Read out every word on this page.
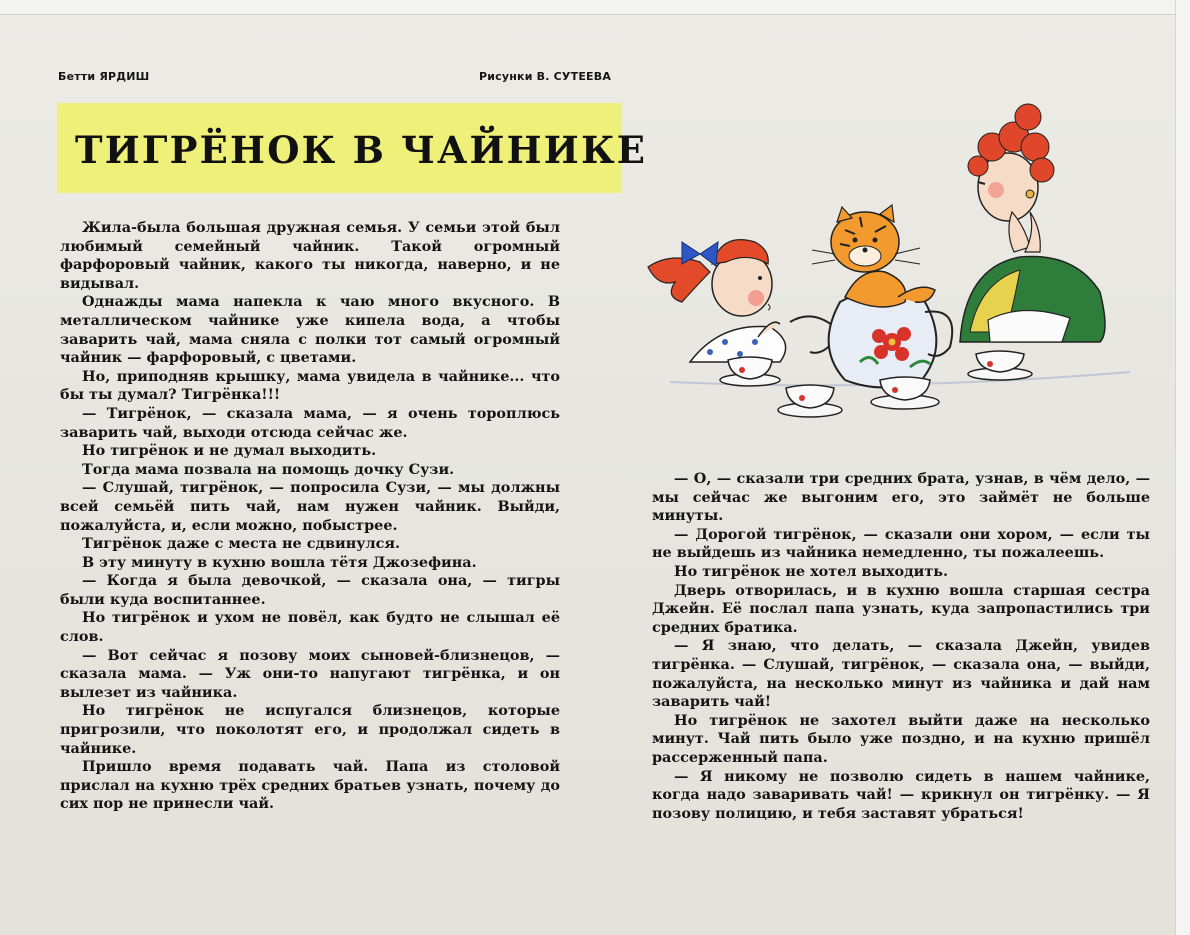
Бетти ЯРДИШ	Рисунки В. СУТЕЕВА
ТИГРЁНОК В ЧАЙНИКЕ

Жила-была большая дружная семья. У семьи этой был любимый семейный чайник. Такой огромный фарфоровый чайник, какого ты никогда, наверно, и не видывал.

Однажды мама напекла к чаю много вкусного. В металлическом чайнике уже кипела вода, а чтобы заварить чай, мама сняла с полки тот самый огромный чайник — фарфоровый, с цветами.

Но, приподняв крышку, мама увидела в чайнике... что бы ты думал? Тигрёнка!!!

— Тигрёнок, — сказала мама, — я очень тороплюсь заварить чай, выходи отсюда сейчас же.

Но тигрёнок и не думал выходить.

Тогда мама позвала на помощь дочку Сузи.

— Слушай, тигрёнок, — попросила Сузи, — мы должны всей семьёй пить чай, нам нужен чайник. Выйди, пожалуйста, и, если можно, побыстрее.

Тигрёнок даже с места не сдвинулся.

В эту минуту в кухню вошла тётя Джозефина.

— Когда я была девочкой, — сказала она, — тигры были куда воспитаннее.

Но тигрёнок и ухом не повёл, как будто не слышал её слов.

— Вот сейчас я позову моих сыновей-близнецов, — сказала мама. — Уж они-то напугают тигрёнка, и он вылезет из чайника.

Но тигрёнок не испугался близнецов, которые пригрозили, что поколотят его, и продолжал сидеть в чайнике.

Пришло время подавать чай. Папа из столовой прислал на кухню трёх средних братьев узнать, почему до сих пор не принесли чай.

— О, — сказали три средних брата, узнав, в чём дело, — мы сейчас же выгоним его, это займёт не больше минуты.

— Дорогой тигрёнок, — сказали они хором, — если ты не выйдешь из чайника немедленно, ты пожалеешь.

Но тигрёнок не хотел выходить.

Дверь отворилась, и в кухню вошла старшая сестра Джейн. Её послал папа узнать, куда запропастились три средних братика.

— Я знаю, что делать, — сказала Джейн, увидев тигрёнка. — Слушай, тигрёнок, — сказала она, — выйди, пожалуйста, на несколько минут из чайника и дай нам заварить чай!

Но тигрёнок не захотел выйти даже на несколько минут. Чай пить было уже поздно, и на кухню пришёл рассерженный папа.

— Я никому не позволю сидеть в нашем чайнике, когда надо заваривать чай! — крикнул он тигрёнку. — Я позову полицию, и тебя заставят убраться!
